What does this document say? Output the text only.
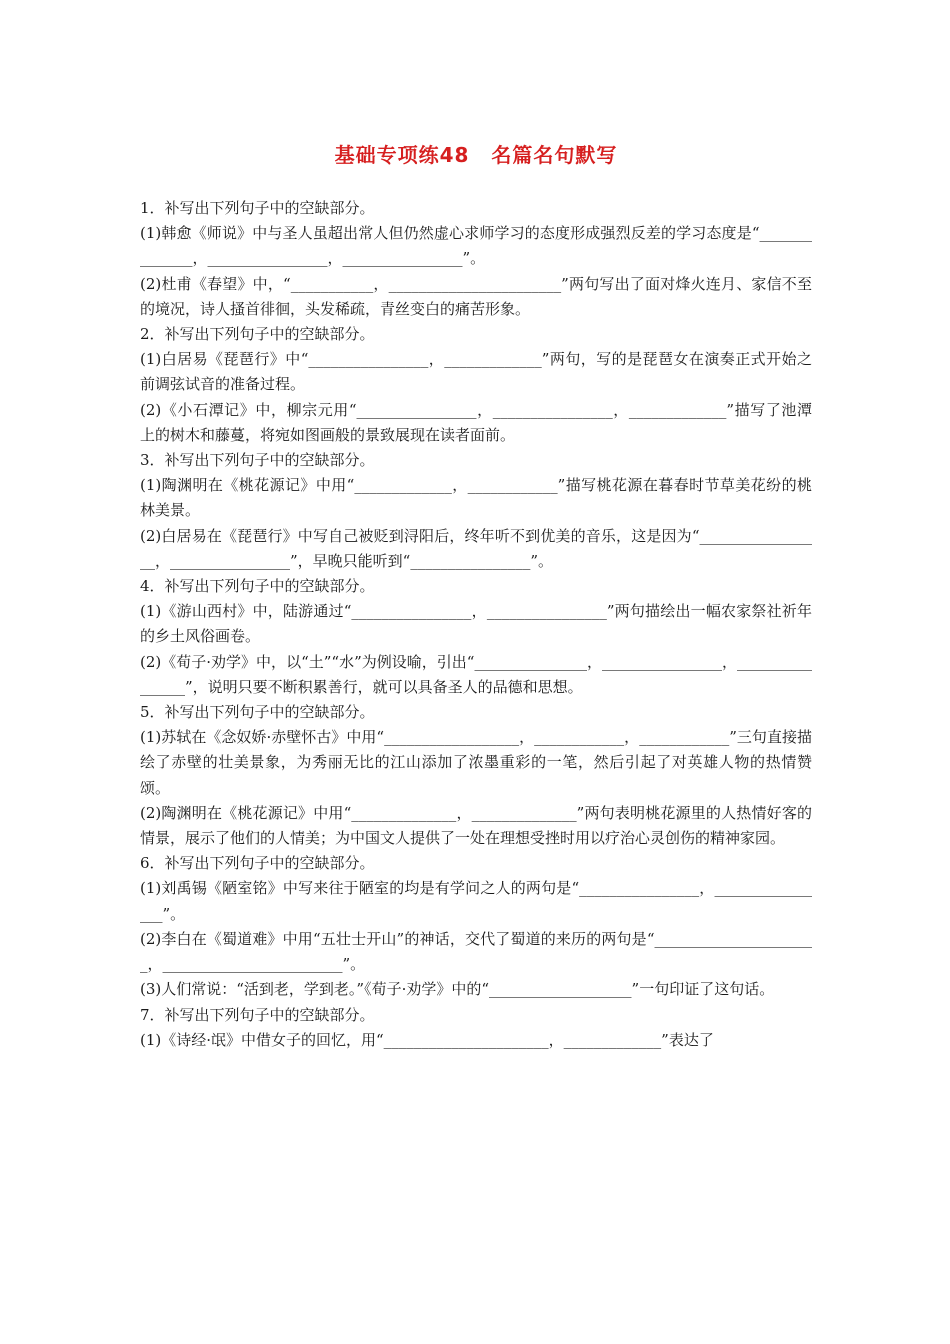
基础专项练48 名篇名句默写

1．补写出下列句子中的空缺部分。

(1)韩愈《师说》中与圣人虽超出常人但仍然虚心求师学习的态度形成强烈反差的学习态度是“______________，________________，________________”。

(2)杜甫《春望》中，“___________，_______________________”两句写出了面对烽火连月、家信不至的境况，诗人搔首徘徊，头发稀疏，青丝变白的痛苦形象。

2．补写出下列句子中的空缺部分。

(1)白居易《琵琶行》中“________________，_____________”两句，写的是琵琶女在演奏正式开始之前调弦试音的准备过程。

(2)《小石潭记》中，柳宗元用“________________，________________，_____________”描写了池潭上的树木和藤蔓，将宛如图画般的景致展现在读者面前。

3．补写出下列句子中的空缺部分。

(1)陶渊明在《桃花源记》中用“_____________，____________”描写桃花源在暮春时节草美花纷的桃林美景。

(2)白居易在《琵琶行》中写自己被贬到浔阳后，终年听不到优美的音乐，这是因为“_________________，________________”，早晚只能听到“________________”。

4．补写出下列句子中的空缺部分。

(1)《游山西村》中，陆游通过“________________，________________”两句描绘出一幅农家祭社祈年的乡土风俗画卷。

(2)《荀子·劝学》中，以“土”“水”为例设喻，引出“_______________，________________，________________”，说明只要不断积累善行，就可以具备圣人的品德和思想。

5．补写出下列句子中的空缺部分。

(1)苏轼在《念奴娇·赤壁怀古》中用“__________________，____________，____________”三句直接描绘了赤壁的壮美景象，为秀丽无比的江山添加了浓墨重彩的一笔，然后引起了对英雄人物的热情赞颂。

(2)陶渊明在《桃花源记》中用“______________，______________”两句表明桃花源里的人热情好客的情景，展示了他们的人情美；为中国文人提供了一处在理想受挫时用以疗治心灵创伤的精神家园。

6．补写出下列句子中的空缺部分。

(1)刘禹锡《陋室铭》中写来往于陋室的均是有学问之人的两句是“________________，________________”。

(2)李白在《蜀道难》中用“五壮士开山”的神话，交代了蜀道的来历的两句是“______________________，________________________”。

(3)人们常说：“活到老，学到老。”《荀子·劝学》中的“___________________”一句印证了这句话。

7．补写出下列句子中的空缺部分。

(1)《诗经·氓》中借女子的回忆，用“______________________，_____________”表达了
